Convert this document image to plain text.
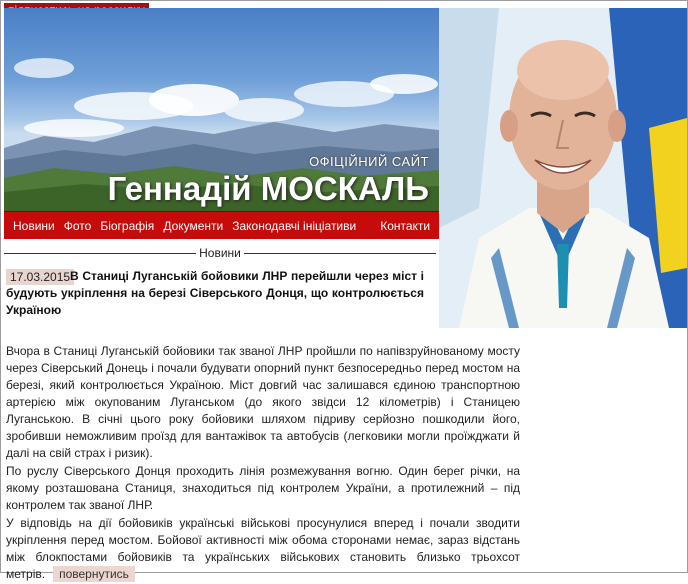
ОФІЦІЙНИЙ САЙТ
Геннадій МОСКАЛЬ
Новини Фото Біографія Документи Законодавчі ініціативи Контакти
Новини
17.03.2015 В Станиці Луганській бойовики ЛНР перейшли через міст і будують укріплення на березі Сіверського Донця, що контролюється Україною

Вчора в Станиці Луганській бойовики так званої ЛНР пройшли по напівзруйнованому мосту через Сіверський Донець і почали будувати опорний пункт безпосередньо перед мостом на березі, який контролюється Україною. Міст довгий час залишався єдиною транспортною артерією між окупованим Луганськом (до якого звідси 12 кілометрів) і Станицею Луганською. В січні цього року бойовики шляхом підриву серйозно пошкодили його, зробивши неможливим проїзд для вантажівок та автобусів (легковики могли проїжджати й далі на свій страх і ризик).

По руслу Сіверського Донця проходить лінія розмежування вогню. Один берег річки, на якому розташована Станиця, знаходиться під контролем України, а протилежний – під контролем так званої ЛНР.

У відповідь на дії бойовиків українські військові просунулися вперед і почали зводити укріплення перед мостом. Бойової активності між обома сторонами немає, зараз відстань між блокпостами бойовиків та українських військових становить близько трьохсот метрів. повернутись
